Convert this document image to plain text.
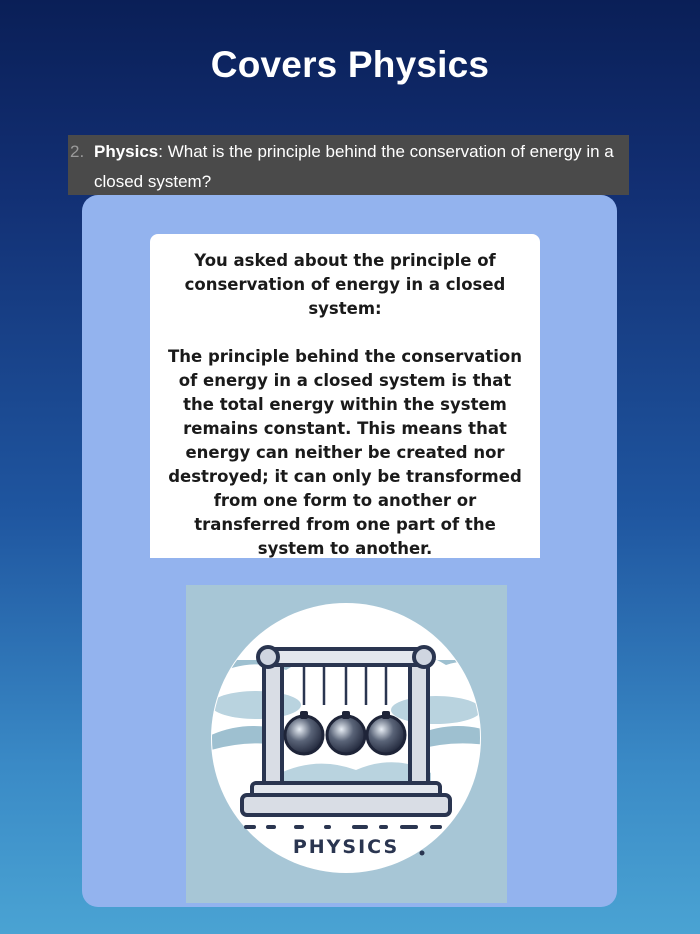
Covers Physics
2. Physics: What is the principle behind the conservation of energy in a closed system?

You asked about the principle of conservation of energy in a closed system:

The principle behind the conservation of energy in a closed system is that the total energy within the system remains constant. This means that energy can neither be created nor destroyed; it can only be transformed from one form to another or transferred from one part of the system to another.

PHYSICS
